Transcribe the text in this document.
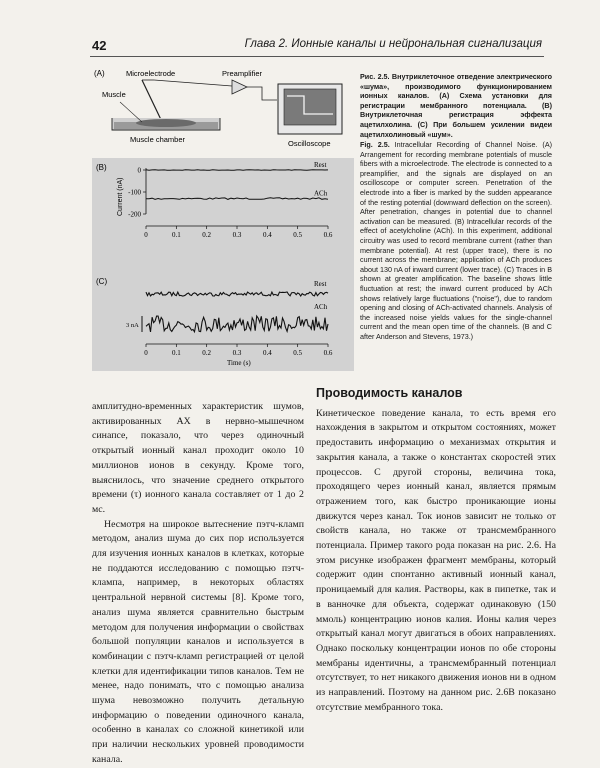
42	Глава 2. Ионные каналы и нейрональная сигнализация
(A)	Microelectrode	Preamplifier
Muscle
Muscle chamber	Oscilloscope
(B)
Current (nA)
0
-100
-200
0	0.1	0.2	0.3	0.4	0.5	0.6
Rest
ACh
(C)	Rest
ACh
3 nA
0	0.1	0.2	0.3	0.4	0.5	0.6
Time (s)
Рис. 2.5. Внутриклеточное отведение электрического «шума», производимого функционированием ионных каналов. (А) Схема установки для регистрации мембранного потенциала. (В) Внутриклеточная регистрация эффекта ацетилхолина. (С) При большем усилении видеи ацетилхолиновый «шум».
Fig. 2.5. Intracellular Recording of Channel Noise. (A) Arrangement for recording membrane potentials of muscle fibers with a microelectrode. The electrode is connected to a preamplifier, and the signals are displayed on an oscilloscope or computer screen. Penetration of the electrode into a fiber is marked by the sudden appearance of the resting potential (downward deflection on the screen). After penetration, changes in potential due to channel activation can be measured. (B) Intracellular records of the effect of acetylcholine (ACh). In this experiment, additional circuitry was used to record membrane current (rather than membrane potential). At rest (upper trace), there is no current across the membrane; application of ACh produces about 130 nA of inward current (lower trace). (C) Traces in B shown at greater amplification. The baseline shows little fluctuation at rest; the inward current produced by ACh shows relatively large fluctuations ("noise"), due to random opening and closing of ACh-activated channels. Analysis of the increased noise yields values for the single-channel current and the mean open time of the channels. (B and C after Anderson and Stevens, 1973.)

амплитудно-временных характеристик шумов, активированных АХ в нервно-мышечном синапсе, показало, что через одиночный открытый ионный канал проходит около 10 миллионов ионов в секунду. Кроме того, выяснилось, что значение среднего открытого времени (τ) ионного канала составляет от 1 до 2 мс.

Несмотря на широкое вытеснение пэтч-кламп методом, анализ шума до сих пор используется для изучения ионных каналов в клетках, которые не поддаются исследованию с помощью пэтч-клампа, например, в некоторых областях центральной нервной системы [8]. Кроме того, анализ шума является сравнительно быстрым методом для получения информации о свойствах большой популяции каналов и используется в комбинации с пэтч-кламп регистрацией от целой клетки для идентификации типов каналов. Тем не менее, надо понимать, что с помощью анализа шума невозможно получить детальную информацию о поведении одиночного канала, особенно в каналах со сложной кинетикой или при наличии нескольких уровней проводимости канала.

Проводимость каналов

Кинетическое поведение канала, то есть время его нахождения в закрытом и открытом состояниях, может предоставить информацию о механизмах открытия и закрытия канала, а также о константах скоростей этих процессов. С другой стороны, величина тока, проходящего через ионный канал, является прямым отражением того, как быстро проникающие ионы движутся через канал. Ток ионов зависит не только от свойств канала, но также от трансмембранного потенциала. Пример такого рода показан на рис. 2.6. На этом рисунке изображен фрагмент мембраны, который содержит один спонтанно активный ионный канал, проницаемый для калия. Растворы, как в пипетке, так и в ванночке для объекта, содержат одинаковую (150 ммоль) концентрацию ионов калия. Ионы калия через открытый канал могут двигаться в обоих направлениях. Однако поскольку концентрации ионов по обе стороны мембраны идентичны, а трансмембранный потенциал отсутствует, то нет никакого движения ионов ни в одном из направлений. Поэтому на данном рис. 2.6В показано отсутствие мембранного тока.
